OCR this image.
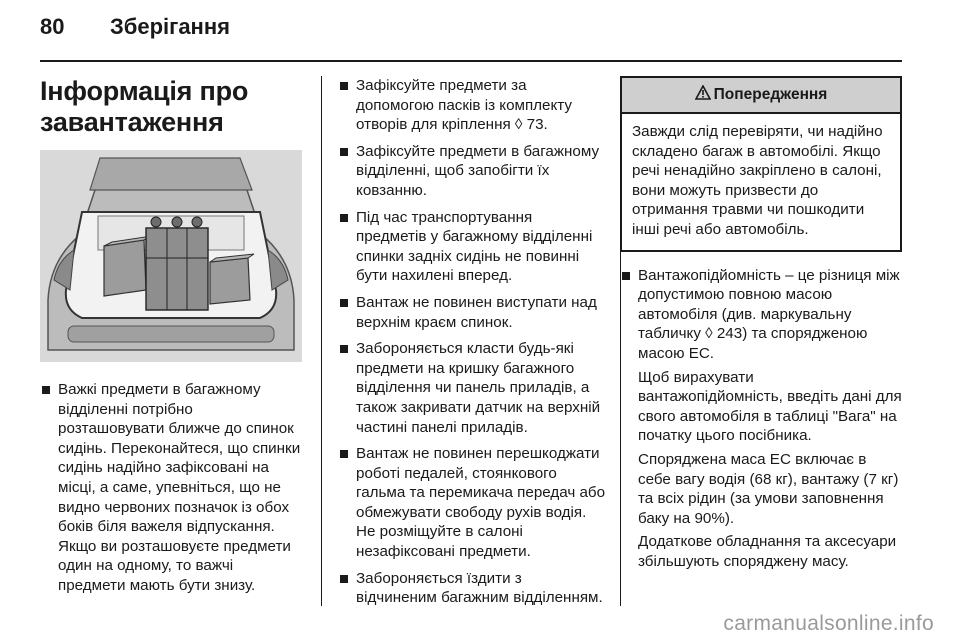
80	Зберігання
Інформація про завантаження
Важкі предмети в багажному відділенні потрібно розташовувати ближче до спинок сидінь. Переконайтеся, що спинки сидінь надійно зафіксовані на місці, а саме, упевніться, що не видно червоних позначок із обох боків біля важеля відпускання. Якщо ви розташовуєте предмети один на одному, то важчі предмети мають бути знизу.
Зафіксуйте предмети за допомогою пасків із комплекту отворів для кріплення ◊ 73.
Зафіксуйте предмети в багажному відділенні, щоб запобігти їх ковзанню.
Під час транспортування предметів у багажному відділенні спинки задніх сидінь не повинні бути нахилені вперед.
Вантаж не повинен виступати над верхнім краєм спинок.
Забороняється класти будь-які предмети на кришку багажного відділення чи панель приладів, а також закривати датчик на верхній частині панелі приладів.
Вантаж не повинен перешкоджати роботі педалей, стоянкового гальма та перемикача передач або обмежувати свободу рухів водія. Не розміщуйте в салоні незафіксовані предмети.
Забороняється їздити з відчиненим багажним відділенням.
Попередження
Завжди слід перевіряти, чи надійно складено багаж в автомобілі. Якщо речі ненадійно закріплено в салоні, вони можуть призвести до отримання травми чи пошкодити інші речі або автомобіль.

Вантажопідйомність – це різниця між допустимою повною масою автомобіля (див. маркувальну табличку ◊ 243) та спорядженою масою ЕС.

Щоб вирахувати вантажопідйомність, введіть дані для свого автомобіля в таблиці "Вага" на початку цього посібника.

Споряджена маса ЕС включає в себе вагу водія (68 кг), вантажу (7 кг) та всіх рідин (за умови заповнення баку на 90%).

Додаткове обладнання та аксесуари збільшують споряджену масу.

carmanualsonline.info
